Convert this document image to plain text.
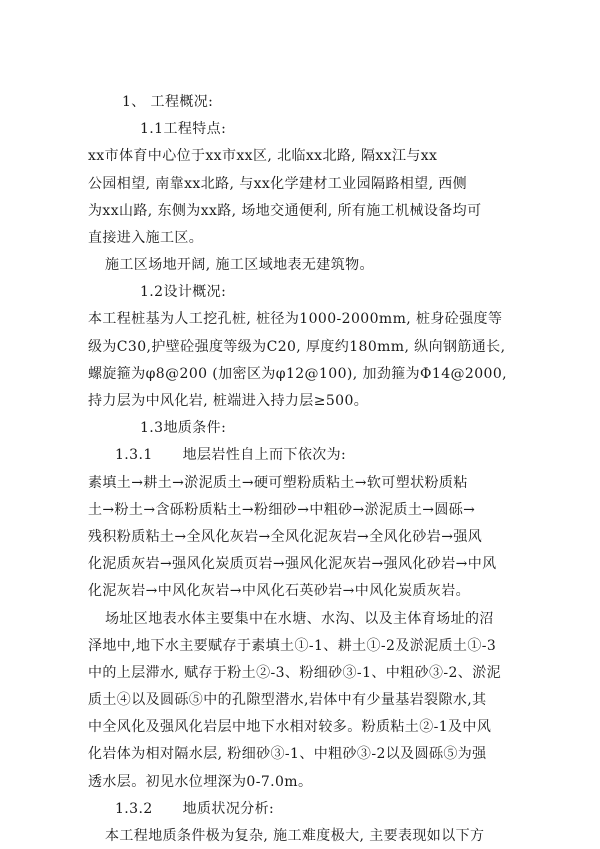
1、 工程概况:
1.1工程特点:
xx市体育中心位于xx市xx区, 北临xx北路, 隔xx江与xx
公园相望, 南靠xx北路, 与xx化学建材工业园隔路相望, 西侧
为xx山路, 东侧为xx路, 场地交通便利, 所有施工机械设备均可
直接进入施工区。
施工区场地开阔, 施工区域地表无建筑物。
1.2设计概况:
本工程桩基为人工挖孔桩, 桩径为1000-2000mm, 桩身砼强度等
级为C30,护壁砼强度等级为C20, 厚度约180mm, 纵向钢筋通长,
螺旋箍为φ8@200 (加密区为φ12@100), 加劲箍为Φ14@2000,
持力层为中风化岩, 桩端进入持力层≥500。
1.3地质条件:
1.3.1 地层岩性自上而下依次为:
素填土→耕土→淤泥质土→硬可塑粉质粘土→软可塑状粉质粘
土→粉土→含砾粉质粘土→粉细砂→中粗砂→淤泥质土→圆砾→
残积粉质粘土→全风化灰岩→全风化泥灰岩→全风化砂岩→强风
化泥质灰岩→强风化炭质页岩→强风化泥灰岩→强风化砂岩→中风
化泥灰岩→中风化灰岩→中风化石英砂岩→中风化炭质灰岩。
场址区地表水体主要集中在水塘、水沟、以及主体育场址的沼
泽地中,地下水主要赋存于素填土①-1、耕土①-2及淤泥质土①-3
中的上层滞水, 赋存于粉土②-3、粉细砂③-1、中粗砂③-2、淤泥
质土④以及圆砾⑤中的孔隙型潜水,岩体中有少量基岩裂隙水,其
中全风化及强风化岩层中地下水相对较多。粉质粘土②-1及中风
化岩体为相对隔水层, 粉细砂③-1、中粗砂③-2以及圆砾⑤为强
透水层。初见水位埋深为0-7.0m。
1.3.2 地质状况分析:
本工程地质条件极为复杂, 施工难度极大, 主要表现如以下方
